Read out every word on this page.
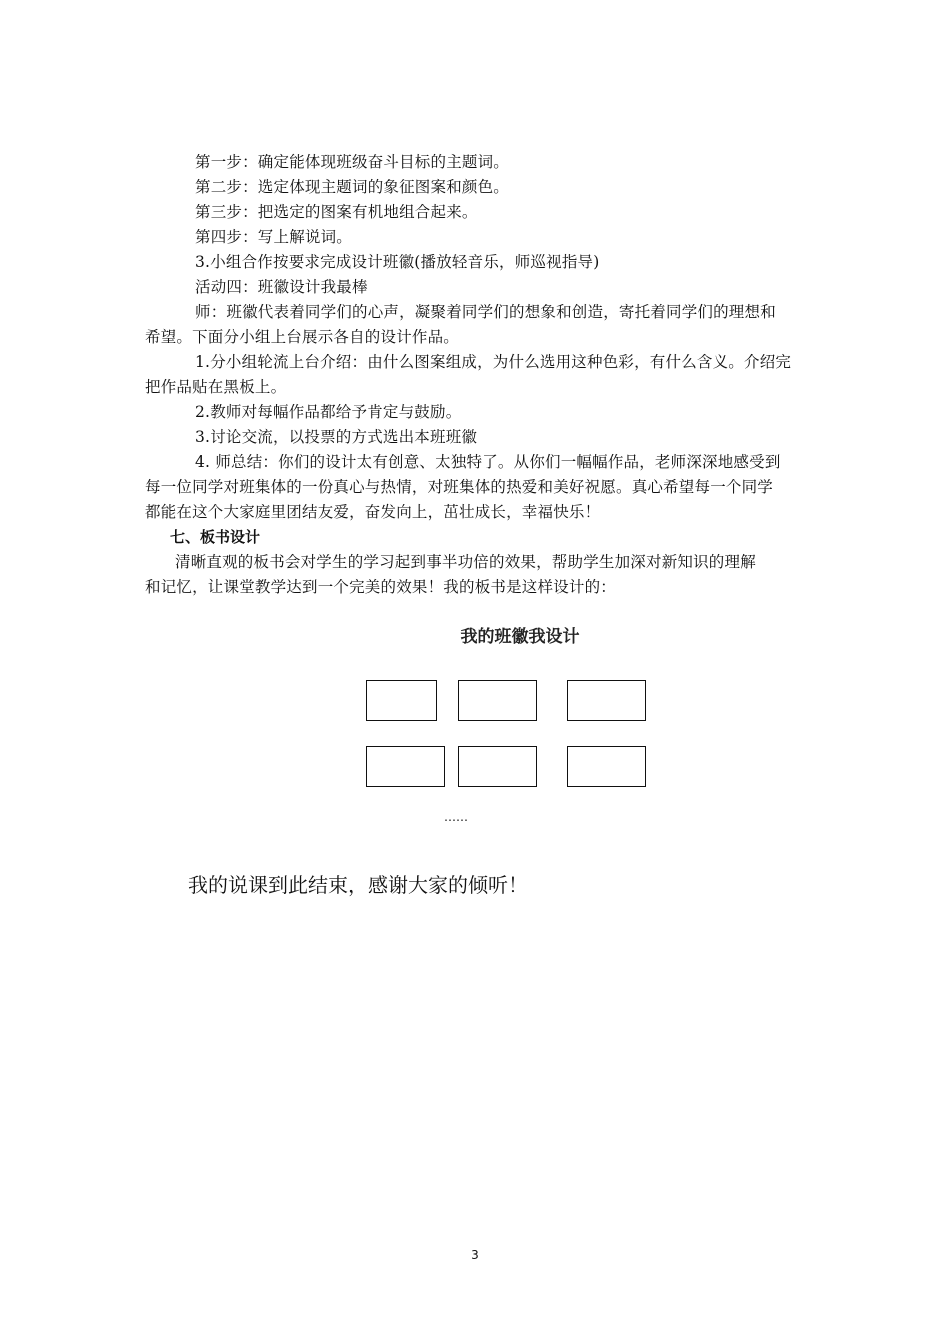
第一步：确定能体现班级奋斗目标的主题词。
第二步：选定体现主题词的象征图案和颜色。
第三步：把选定的图案有机地组合起来。
第四步：写上解说词。
3.小组合作按要求完成设计班徽(播放轻音乐，师巡视指导)
活动四：班徽设计我最棒
师：班徽代表着同学们的心声，凝聚着同学们的想象和创造，寄托着同学们的理想和
希望。下面分小组上台展示各自的设计作品。
1.分小组轮流上台介绍：由什么图案组成，为什么选用这种色彩，有什么含义。介绍完
把作品贴在黑板上。
2.教师对每幅作品都给予肯定与鼓励。
3.讨论交流，以投票的方式选出本班班徽
4. 师总结：你们的设计太有创意、太独特了。从你们一幅幅作品，老师深深地感受到
每一位同学对班集体的一份真心与热情，对班集体的热爱和美好祝愿。真心希望每一个同学
都能在这个大家庭里团结友爱，奋发向上，茁壮成长，幸福快乐！
七、板书设计
清晰直观的板书会对学生的学习起到事半功倍的效果，帮助学生加深对新知识的理解
和记忆，让课堂教学达到一个完美的效果！我的板书是这样设计的：
我的班徽我设计
……
我的说课到此结束，感谢大家的倾听！
3
